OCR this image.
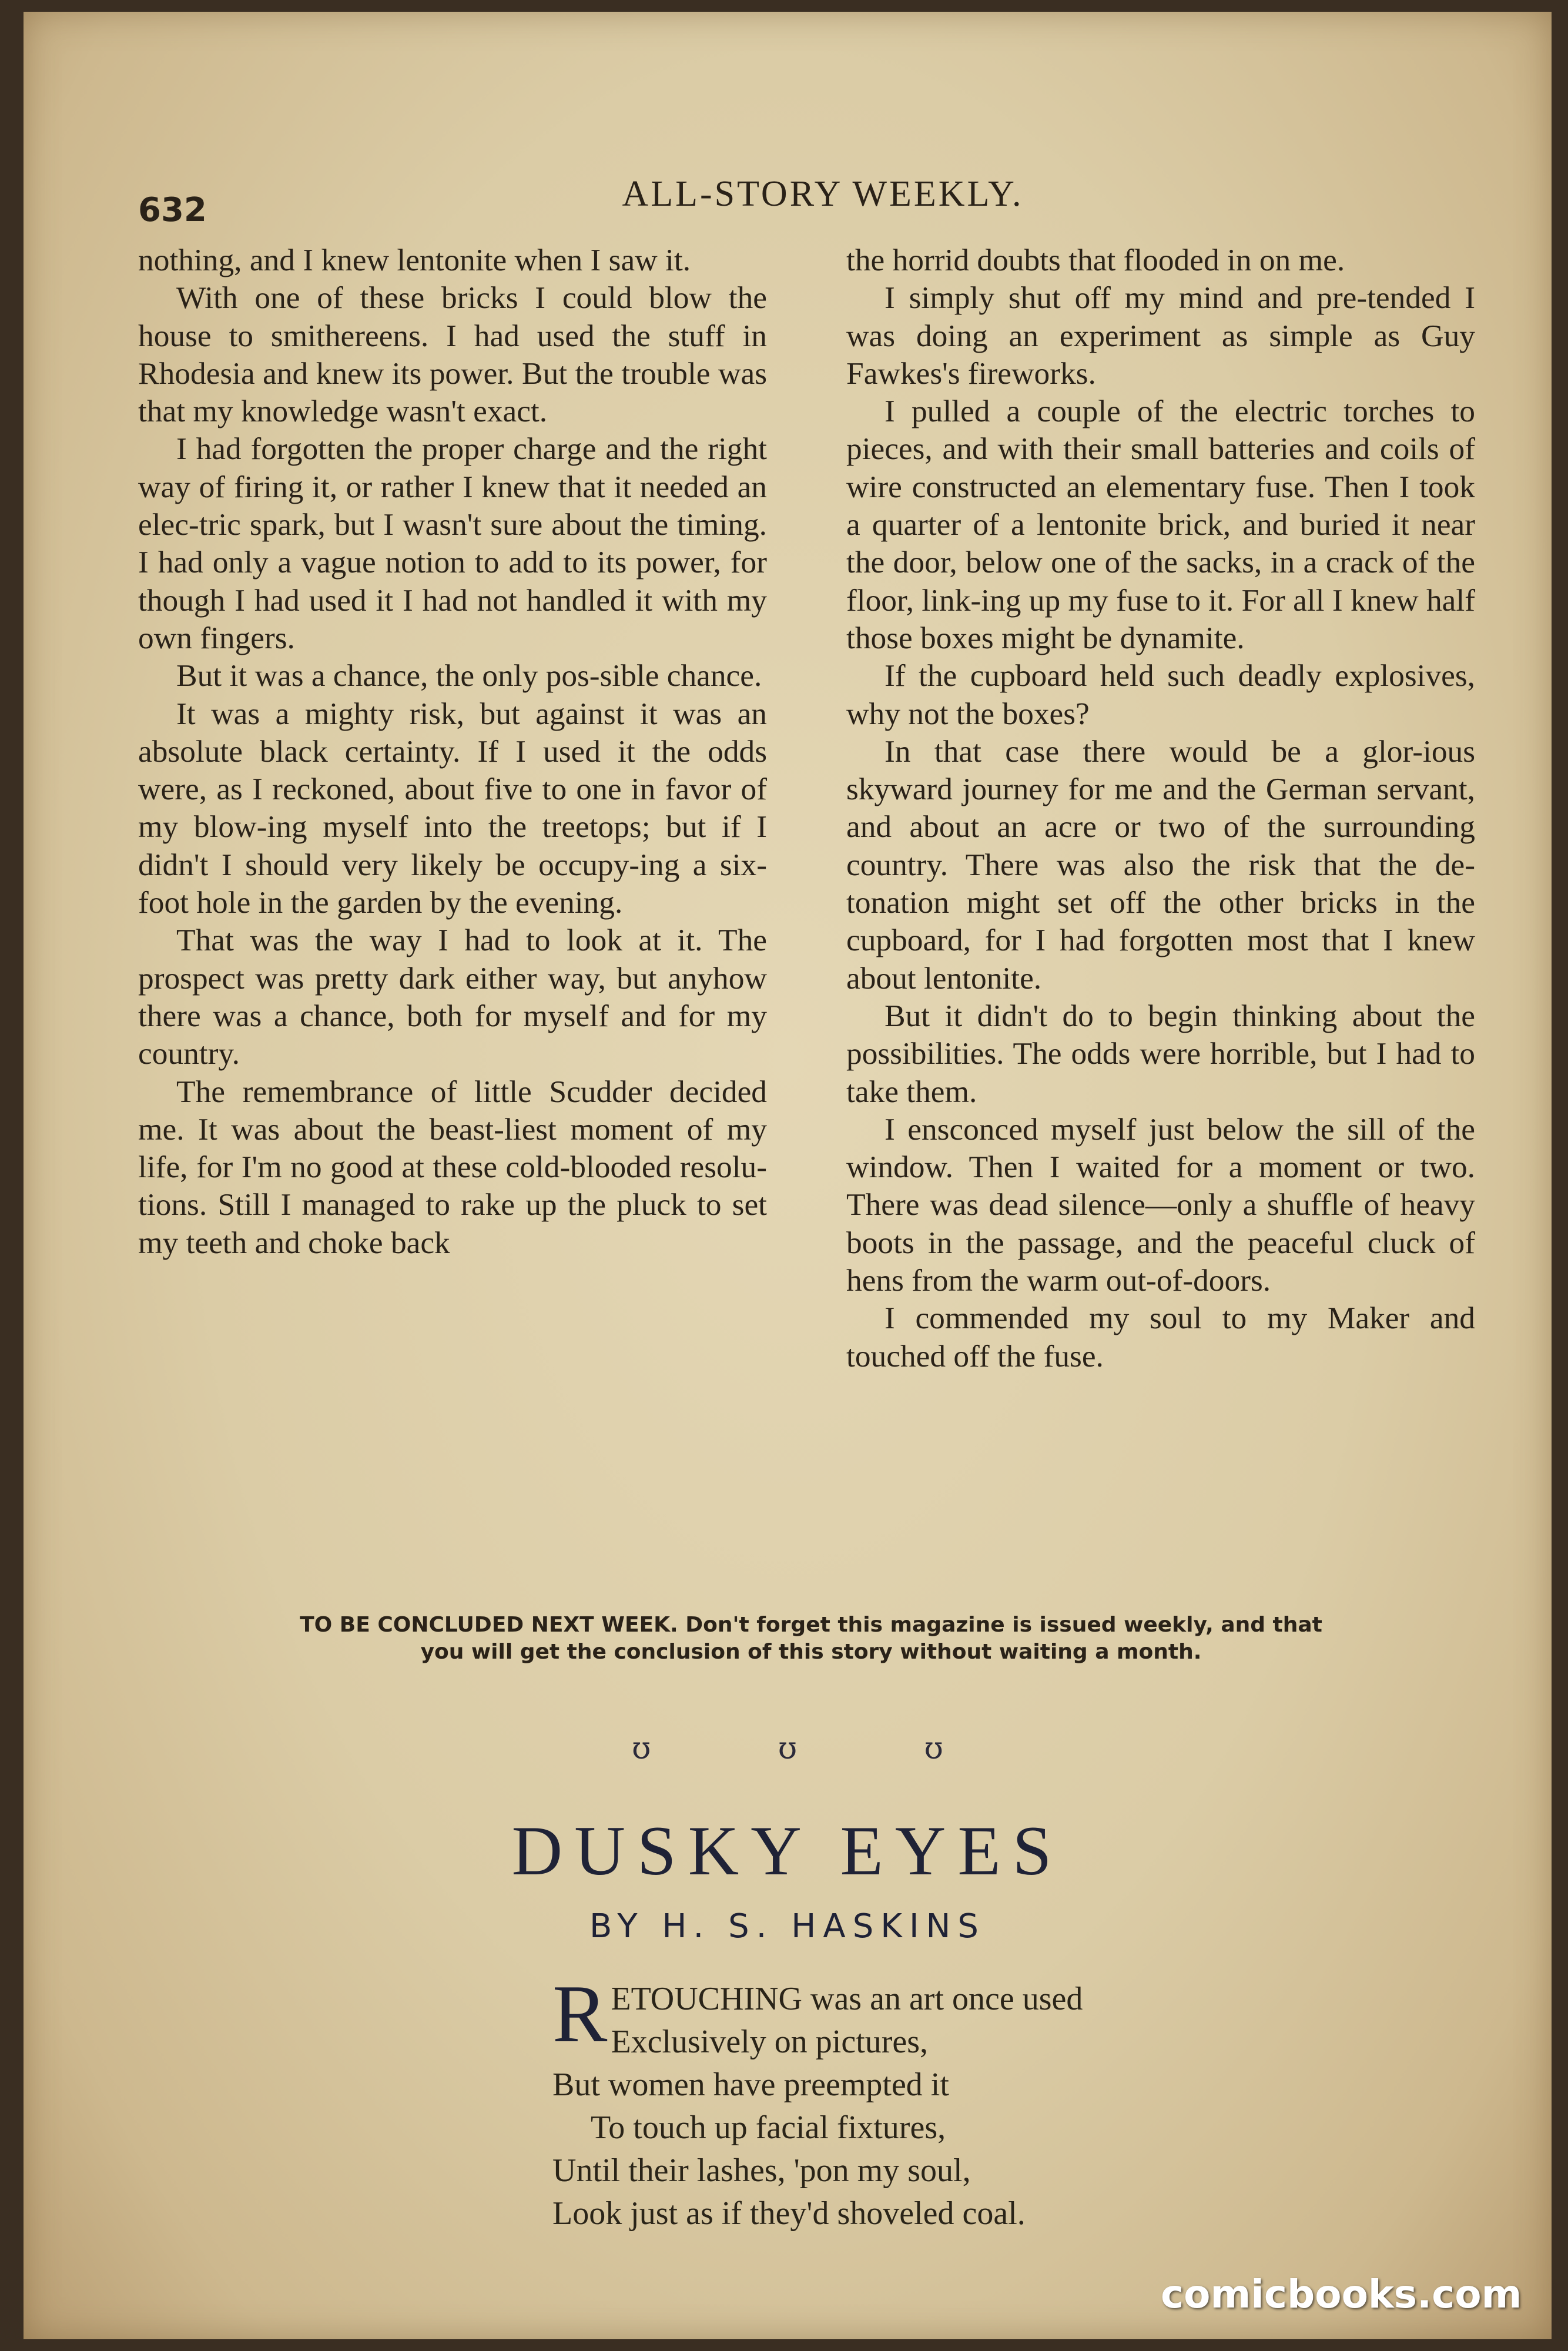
632	ALL-STORY WEEKLY.

nothing, and I knew lentonite when I saw it.

With one of these bricks I could blow the house to smithereens. I had used the stuff in Rhodesia and knew its power. But the trouble was that my knowledge wasn't exact.

I had forgotten the proper charge and the right way of firing it, or rather I knew that it needed an elec-tric spark, but I wasn't sure about the timing. I had only a vague notion to add to its power, for though I had used it I had not handled it with my own fingers.

But it was a chance, the only pos-sible chance.

It was a mighty risk, but against it was an absolute black certainty. If I used it the odds were, as I reckoned, about five to one in favor of my blow-ing myself into the treetops; but if I didn't I should very likely be occupy-ing a six-foot hole in the garden by the evening.

That was the way I had to look at it. The prospect was pretty dark either way, but anyhow there was a chance, both for myself and for my country.

The remembrance of little Scudder decided me. It was about the beast-liest moment of my life, for I'm no good at these cold-blooded resolu-tions. Still I managed to rake up the pluck to set my teeth and choke back

the horrid doubts that flooded in on me.

I simply shut off my mind and pre-tended I was doing an experiment as simple as Guy Fawkes's fireworks.

I pulled a couple of the electric torches to pieces, and with their small batteries and coils of wire constructed an elementary fuse. Then I took a quarter of a lentonite brick, and buried it near the door, below one of the sacks, in a crack of the floor, link-ing up my fuse to it. For all I knew half those boxes might be dynamite.

If the cupboard held such deadly explosives, why not the boxes?

In that case there would be a glor-ious skyward journey for me and the German servant, and about an acre or two of the surrounding country. There was also the risk that the de-tonation might set off the other bricks in the cupboard, for I had forgotten most that I knew about lentonite.

But it didn't do to begin thinking about the possibilities. The odds were horrible, but I had to take them.

I ensconced myself just below the sill of the window. Then I waited for a moment or two. There was dead silence—only a shuffle of heavy boots in the passage, and the peaceful cluck of hens from the warm out-of-doors.

I commended my soul to my Maker and touched off the fuse.

TO BE CONCLUDED NEXT WEEK. Don't forget this magazine is issued weekly, and that
you will get the conclusion of this story without waiting a month.
ʊ	ʊ	ʊ
DUSKY EYES
BY H. S. HASKINS
R ETOUCHING was an art once used
Exclusively on pictures,
But women have preempted it
To touch up facial fixtures,
Until their lashes, 'pon my soul,
Look just as if they'd shoveled coal.
comicbooks.com
